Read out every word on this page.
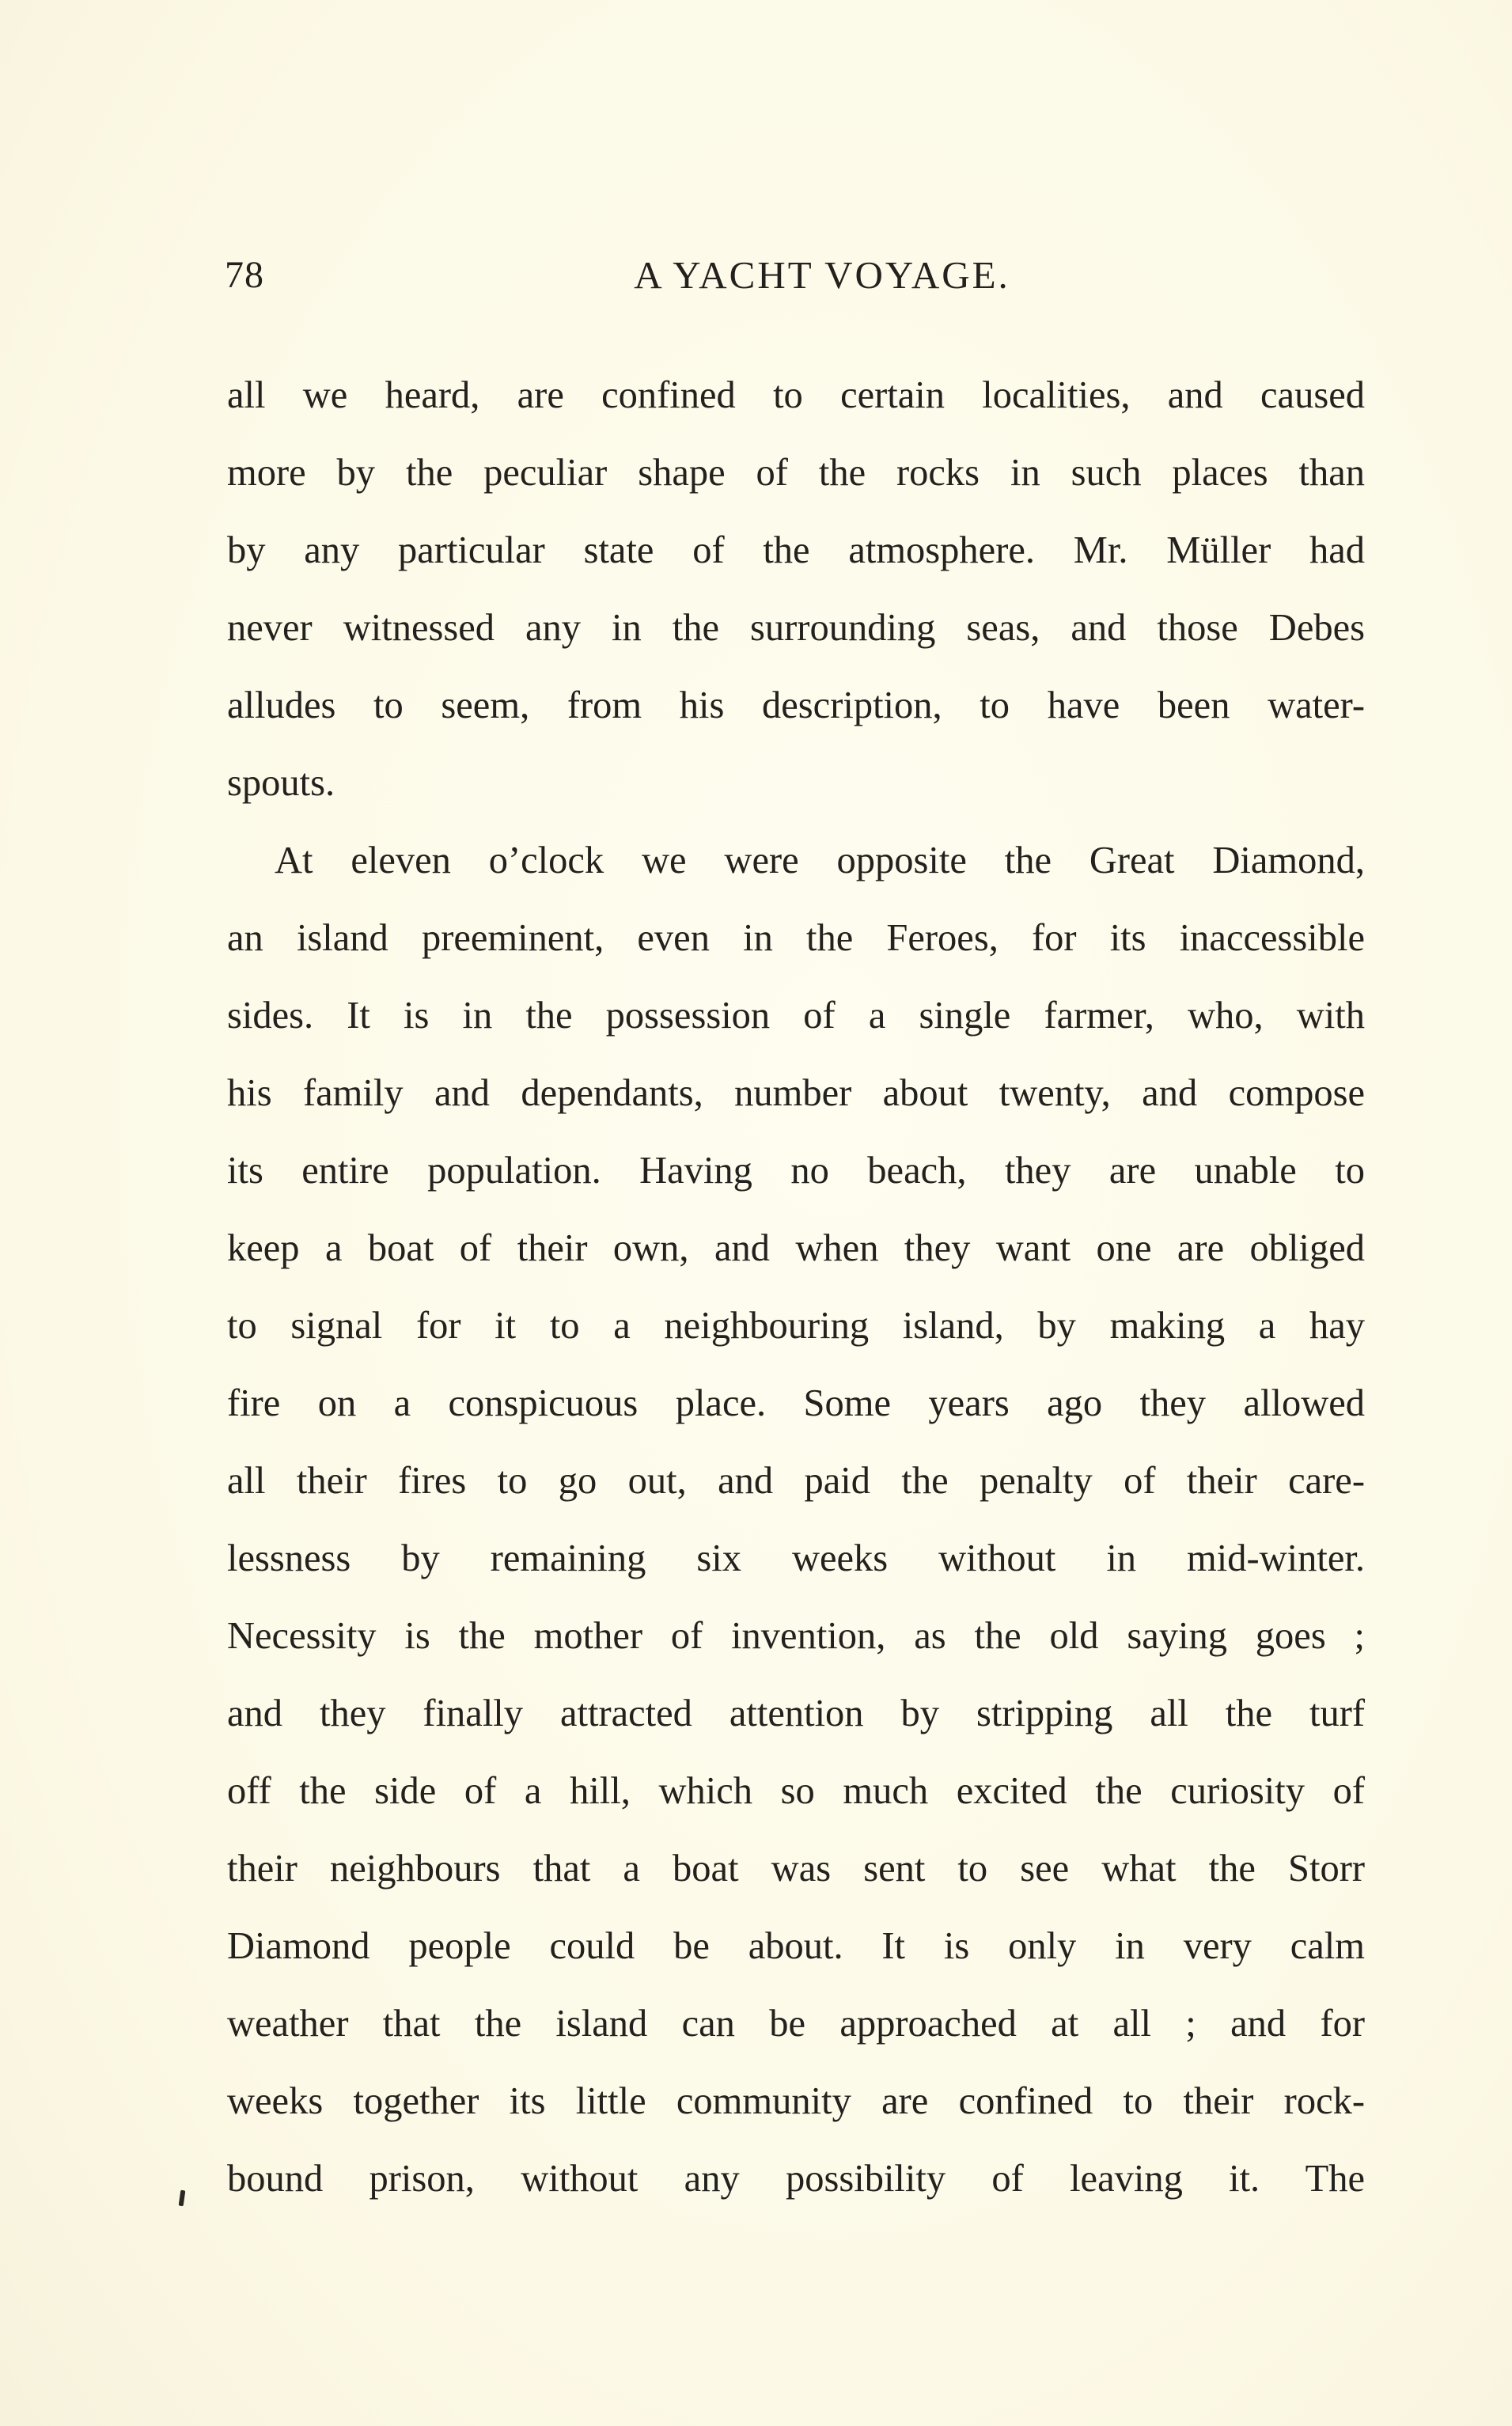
78	A YACHT VOYAGE.
all we heard, are confined to certain localities, and caused
more by the peculiar shape of the rocks in such places than
by any particular state of the atmosphere. Mr. Müller had
never witnessed any in the surrounding seas, and those Debes
alludes to seem, from his description, to have been water-
spouts.
At eleven o’clock we were opposite the Great Diamond,
an island preeminent, even in the Feroes, for its inaccessible
sides. It is in the possession of a single farmer, who, with
his family and dependants, number about twenty, and compose
its entire population. Having no beach, they are unable to
keep a boat of their own, and when they want one are obliged
to signal for it to a neighbouring island, by making a hay
fire on a conspicuous place. Some years ago they allowed
all their fires to go out, and paid the penalty of their care-
lessness by remaining six weeks without in mid-winter.
Necessity is the mother of invention, as the old saying goes ;
and they finally attracted attention by stripping all the turf
off the side of a hill, which so much excited the curiosity of
their neighbours that a boat was sent to see what the Storr
Diamond people could be about. It is only in very calm
weather that the island can be approached at all ; and for
weeks together its little community are confined to their rock-
bound prison, without any possibility of leaving it. The
